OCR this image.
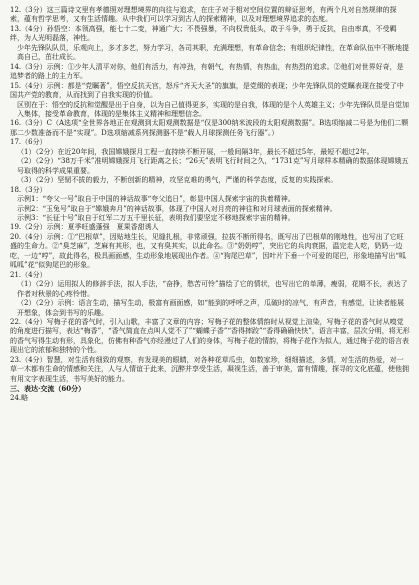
12.（3分）这三篇诗文里有孝德照对理想境界的向往与追求，在庄子对于相对空间位置的辩证思考，有两个凡对自然规律的探索，蕴有哲学思考，又有生活情趣。从中我们可以学习到古人的探索精神，以及对理想境界追求的态度。

13.（4分）孙悟空：本领高强，能七十二变，神通广大；不畏强暴，不向权贵低头，敢于斗争，勇于反抗，自由率真，不受羁绊，为人光明磊落，神性。

少年先锋队队员，乐观向上，多才多艺，努力学习，各司其职，充满理想，有革命信念；有组织纪律性，在革命队伍中不断地提高自己，茁壮成长。

14.（3分）示例：①少年人清平对你，他们有活力，有冲劲，有朝气，有热情，有热血，有热烈的追求。②他们对世界好奇，是追梦者的路上的主力军。

15.（4分）示例：都是“党瞩著”，悟空反抗天宫，怒斥“齐天大圣”的旗旗，是党缀的表现；少年先锋队员的党瞩表现在接受了中国共产党的教育，从而找到了自我实现的价值。

区别在于：悟空的反抗和觉醒是出于自身，以为自己值得更多，实现的是自我，体现的是个人英雄主义；少年先锋队员是自觉加入集体，接受革命教育，体现的是集体主义精神和理想信念。

16.（3分）C（A选项“全世界各地正在观测到太阳观测数据是“仅是300纳米波段的太阳观测数据”。B选项缩减二号是为他们二颗那二少数准备而不是“实现”。D选项缩减系列探测器不是“载人月球探测任务飞行器”。）

17.（6分）

（1）（2分）在近20年间，我国嫦娥探月工程一直持续不断开展，一般间隔3年，最长不超过5年，最短不超过2年。

（2）（2分）“38万千米”准明嫦娥探月飞行距离之长；“26天”表明飞行时间之久，“1731克”写月球样本精确的数据体现嫦娥五号取得的科学成果重要。

（3）（2分）坚韧不拔的毅力，不断创新的精神，攻坚克难的勇气，严谨的科学态度，反复的实践探索。

18.（3分）

示例1：“夸父一号”取自于中国的神话故事“夸父追日”，彰显中国人探索宇宙的执着精神。

示例2：“玉兔号”取自于“嫦娥奔月”的神话故事，体现了中国人对月亮的神往和对月球表面的探索精神。

示例3：“长征十号”取自于红军二万五千里长征，表明我们要坚定不移地探索宇宙的精神。

19.（2分）示例：夏季旺盛蓬强　夏果香甜诱人

20.（4分）示例：①“巴根草”，因贴地生长，见缝扎根，非常顽强，拉拔不断所得名，既写出了巴根草的刚地性，也写出了它旺盛的生命力。②“臭芝麻”，芝麻有其形，也，又有臭其实，以此命名。③“奶奶哼”，突出它的兵肉衰据，温完走人吃，奶奶一边吃，一边“哼”，故此得名，极具画面感，生动形象地展现出作者。④“狗尾巴草”，因叶片下垂一个可爱的尾巴，形象地描写出“呱呱呱”花“似狗尾巴的形象。

21.（4分）

（1）（2分）运用拟人的修辞手法，拟人手法，“奋挣，愁苦可怜”描绘了它的情状，也写出它的单薄，瘦弱，花期不长，表达了作者对秋景的心疼怜惜。

（2）（2分）示例：语言生动，描写生动，极富有画面感，如“能到的呼呼之声，瓜破时的凉气，有声音，有感觉，让读者能展开想象，体会到书写的乐趣。

22.（4分）写梅子花的香气时，引入山歌，丰富了文章的内容；写梅子花的整体情韵时从视觉上渲染，写梅子花的香气时从嗅觉的角度进行描写，表达“梅香”，“香气简直在点叫人觉不了”“蝴蝶子香”“香得摔跤”“香得确确快快”，语言丰富，层次分明，将无形的香气写得生动有形，具象化，仿佛有种香气亦经漫过了人们的身体，写梅子花的情韵，将梅子花作为拟人，通过梅子花的语言表现出它的浓郁和独特的个性。

23.（4分）智慧，对生活有细致的观察，有发现美的眼睛，对各种花草瓜虫，如数家珍，细细描述，多情，对生活的热爱，对一草一木都有生命的情感和关注，人与人情谊于此来，沉醉并享受生活，凝视生活，善于审美，富有情趣，探寻的文化底蕴，使他拥有用文字表现生活，书写美好的能力。

三、表达·交流（60分）

24.略
